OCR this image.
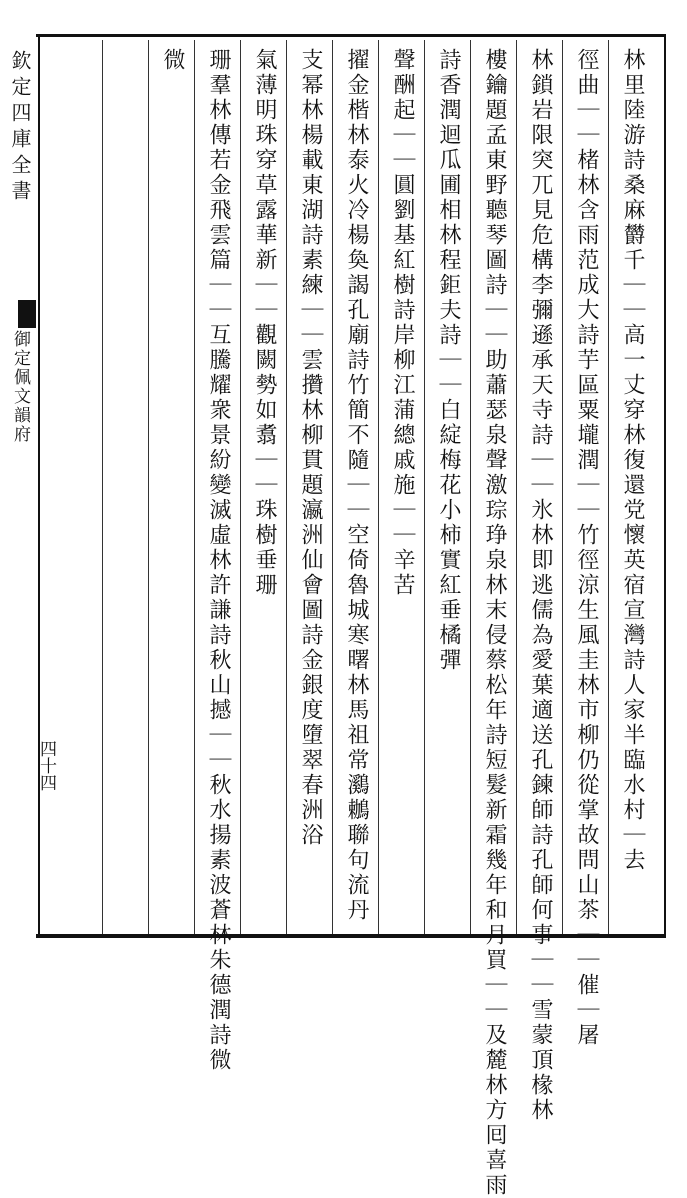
欽定四庫全書
御定佩文韻府
四十四	林里陸游詩桑麻欝千｜｜高一丈穿林復還党懷英宿宣灣詩人家半臨水村｜去
徑曲｜｜楮林含雨范成大詩芋區粟壠潤｜｜竹徑涼生風圭林市柳仍從掌故問山茶｜｜催｜屠
林鎖岩限突兀見危構李彌遜承天寺詩｜｜氷林即逃儒為愛葉適送孔鍊師詩孔師何事｜｜雪蒙頂椽林
樓鑰題孟東野聽琴圖詩｜｜助蕭瑟泉聲激琮琤泉林末侵蔡松年詩短髮新霜幾年和月買｜｜及麓林方囘喜雨
詩香潤迴瓜圃相林程鉅夫詩｜｜白綻梅花小柿實紅垂橘彈
聲酬起｜｜圓劉基紅樹詩岸柳江蒲總戚施｜｜辛苦
擢金楷林泰火冷楊奐謁孔廟詩竹簡不隨｜｜空倚魯城寒曙林馬祖常鸂鶒聯句流丹
支幂林楊載東湖詩素練｜｜雲攢林柳貫題瀛洲仙會圖詩金銀度墮翠春洲浴
氣薄明珠穿草露華新｜｜觀闕勢如翥｜｜珠樹垂珊
珊羣林傳若金飛雲篇｜｜互騰耀衆景紛變滅虛林許謙詩秋山撼｜｜秋水揚素波蒼林朱德潤詩微
微
